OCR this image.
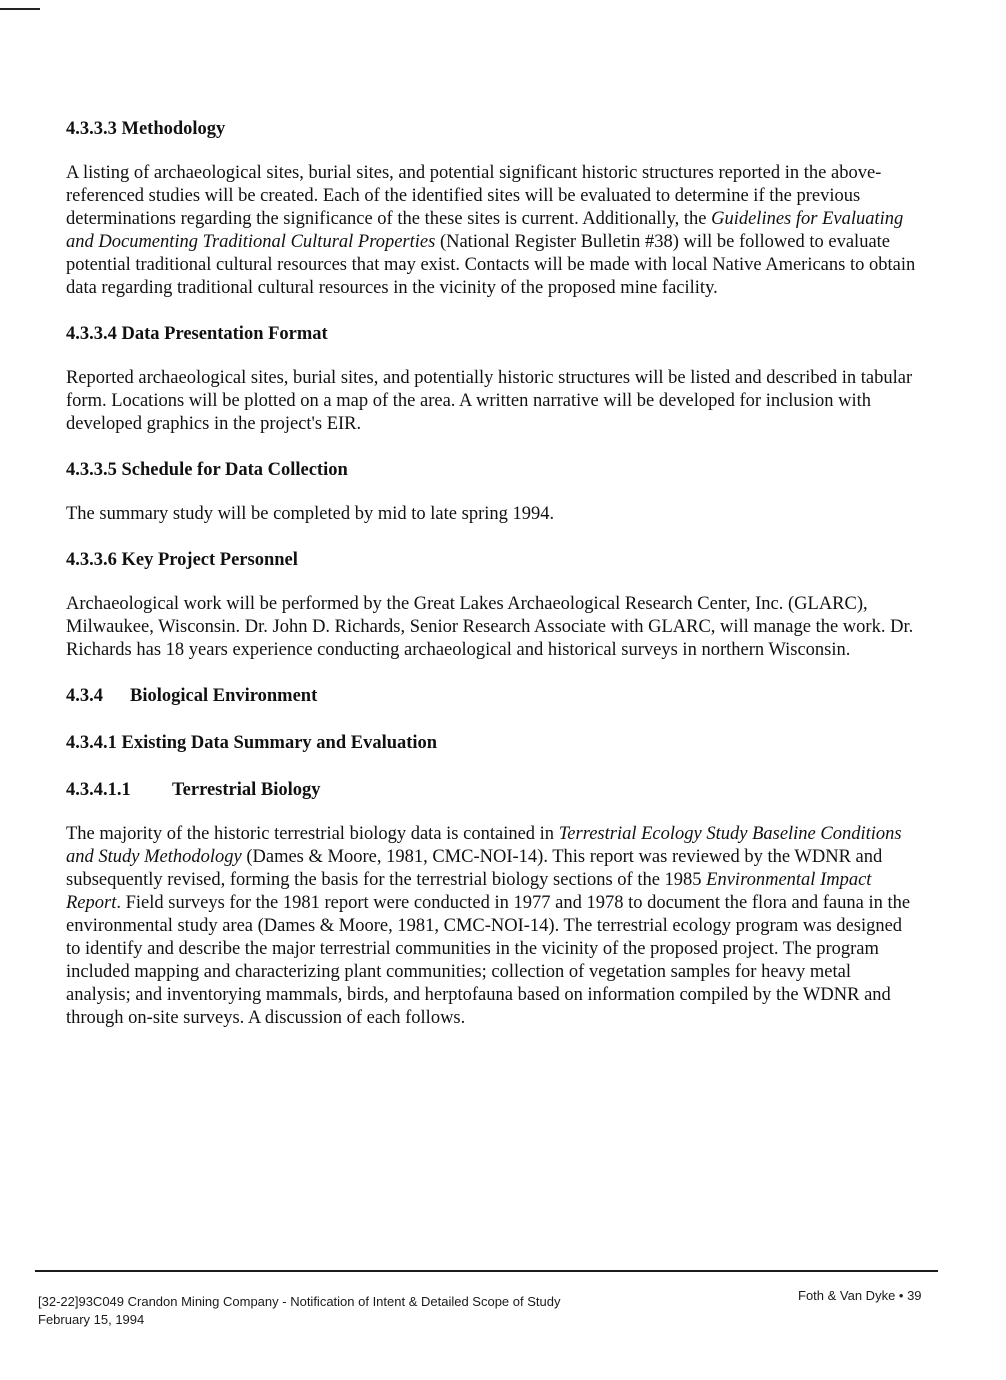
4.3.3.3 Methodology

A listing of archaeological sites, burial sites, and potential significant historic structures reported in the above-referenced studies will be created. Each of the identified sites will be evaluated to determine if the previous determinations regarding the significance of the these sites is current. Additionally, the Guidelines for Evaluating and Documenting Traditional Cultural Properties (National Register Bulletin #38) will be followed to evaluate potential traditional cultural resources that may exist. Contacts will be made with local Native Americans to obtain data regarding traditional cultural resources in the vicinity of the proposed mine facility.

4.3.3.4 Data Presentation Format

Reported archaeological sites, burial sites, and potentially historic structures will be listed and described in tabular form. Locations will be plotted on a map of the area. A written narrative will be developed for inclusion with developed graphics in the project's EIR.

4.3.3.5 Schedule for Data Collection

The summary study will be completed by mid to late spring 1994.

4.3.3.6 Key Project Personnel

Archaeological work will be performed by the Great Lakes Archaeological Research Center, Inc. (GLARC), Milwaukee, Wisconsin. Dr. John D. Richards, Senior Research Associate with GLARC, will manage the work. Dr. Richards has 18 years experience conducting archaeological and historical surveys in northern Wisconsin.

4.3.4 Biological Environment
4.3.4.1 Existing Data Summary and Evaluation
4.3.4.1.1 Terrestrial Biology

The majority of the historic terrestrial biology data is contained in Terrestrial Ecology Study Baseline Conditions and Study Methodology (Dames & Moore, 1981, CMC-NOI-14). This report was reviewed by the WDNR and subsequently revised, forming the basis for the terrestrial biology sections of the 1985 Environmental Impact Report. Field surveys for the 1981 report were conducted in 1977 and 1978 to document the flora and fauna in the environmental study area (Dames & Moore, 1981, CMC-NOI-14). The terrestrial ecology program was designed to identify and describe the major terrestrial communities in the vicinity of the proposed project. The program included mapping and characterizing plant communities; collection of vegetation samples for heavy metal analysis; and inventorying mammals, birds, and herptofauna based on information compiled by the WDNR and through on-site surveys. A discussion of each follows.

[32-22]93C049 Crandon Mining Company - Notification of Intent & Detailed Scope of Study
February 15, 1994
Foth & Van Dyke • 39
